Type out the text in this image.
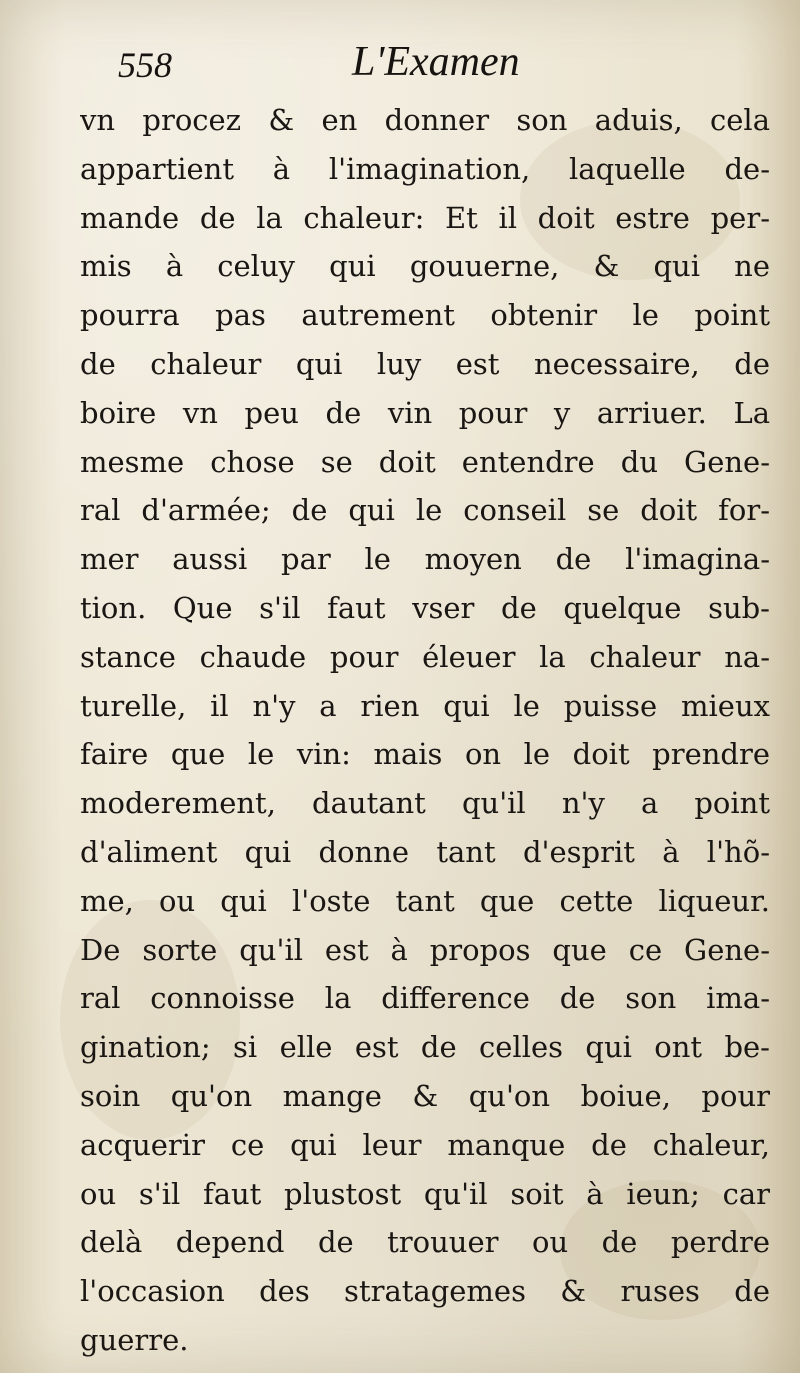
558	L'Examen
vn procez & en donner son aduis, cela
appartient à l'imagination, laquelle de-
mande de la chaleur: Et il doit estre per-
mis à celuy qui gouuerne, & qui ne
pourra pas autrement obtenir le point
de chaleur qui luy est necessaire, de
boire vn peu de vin pour y arriuer. La
mesme chose se doit entendre du Gene-
ral d'armée; de qui le conseil se doit for-
mer aussi par le moyen de l'imagina-
tion. Que s'il faut vser de quelque sub-
stance chaude pour éleuer la chaleur na-
turelle, il n'y a rien qui le puisse mieux
faire que le vin: mais on le doit prendre
moderement, dautant qu'il n'y a point
d'aliment qui donne tant d'esprit à l'hõ-
me, ou qui l'oste tant que cette liqueur.
De sorte qu'il est à propos que ce Gene-
ral connoisse la difference de son ima-
gination; si elle est de celles qui ont be-
soin qu'on mange & qu'on boiue, pour
acquerir ce qui leur manque de chaleur,
ou s'il faut plustost qu'il soit à ieun; car
delà depend de trouuer ou de perdre
l'occasion des stratagemes & ruses de
guerre.
